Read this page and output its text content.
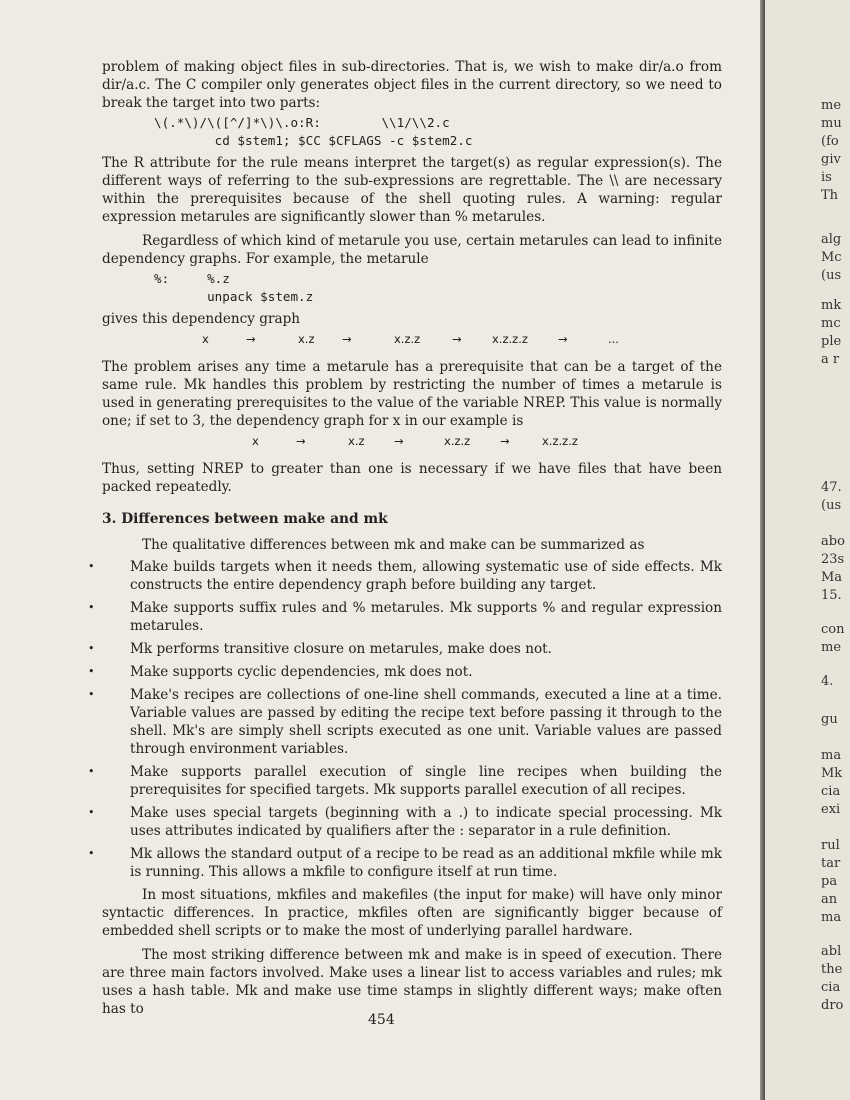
problem of making object files in sub-directories. That is, we wish to make dir/a.o from dir/a.c. The C compiler only generates object files in the current directory, so we need to break the target into two parts:

\(.*\)/\([^/]*\)\.o:R:        \\1/\\2.c
cd $stem1; $CC $CFLAGS -c $stem2.c

The R attribute for the rule means interpret the target(s) as regular expression(s). The different ways of referring to the sub-expressions are regrettable. The \\ are necessary within the prerequisites because of the shell quoting rules. A warning: regular expression metarules are significantly slower than % metarules.

Regardless of which kind of metarule you use, certain metarules can lead to infinite dependency graphs. For example, the metarule

%:     %.z
unpack $stem.z

gives this dependency graph

x	→	x.z →	x.z.z	→	x.z.z.z	→	...

The problem arises any time a metarule has a prerequisite that can be a target of the same rule. Mk handles this problem by restricting the number of times a metarule is used in generating prerequisites to the value of the variable NREP. This value is normally one; if set to 3, the dependency graph for x in our example is

x	→	x.z	→	x.z.z	→	x.z.z.z

Thus, setting NREP to greater than one is necessary if we have files that have been packed repeatedly.

3. Differences between make and mk

The qualitative differences between mk and make can be summarized as

• Make builds targets when it needs them, allowing systematic use of side effects. Mk constructs the entire dependency graph before building any target.
• Make supports suffix rules and % metarules. Mk supports % and regular expression metarules.
• Mk performs transitive closure on metarules, make does not.
• Make supports cyclic dependencies, mk does not.
• Make's recipes are collections of one-line shell commands, executed a line at a time. Variable values are passed by editing the recipe text before passing it through to the shell. Mk's are simply shell scripts executed as one unit. Variable values are passed through environment variables.
• Make supports parallel execution of single line recipes when building the prerequisites for specified targets. Mk supports parallel execution of all recipes.
• Make uses special targets (beginning with a .) to indicate special processing. Mk uses attributes indicated by qualifiers after the : separator in a rule definition.
• Mk allows the standard output of a recipe to be read as an additional mkfile while mk is running. This allows a mkfile to configure itself at run time.

In most situations, mkfiles and makefiles (the input for make) will have only minor syntactic differences. In practice, mkfiles often are significantly bigger because of embedded shell scripts or to make the most of underlying parallel hardware.

The most striking difference between mk and make is in speed of execution. There are three main factors involved. Make uses a linear list to access variables and rules; mk uses a hash table. Mk and make use time stamps in slightly different ways; make often has to

454
me
mu
(fo
giv
is
Th
alg
Mc
(us
mk
mc
ple
a r
47.
(us
abo
23s
Ma
15.
con
me
4.
gu
ma
Mk
cia
exi
rul
tar
pa
an
ma
abl
the
cia
dro
